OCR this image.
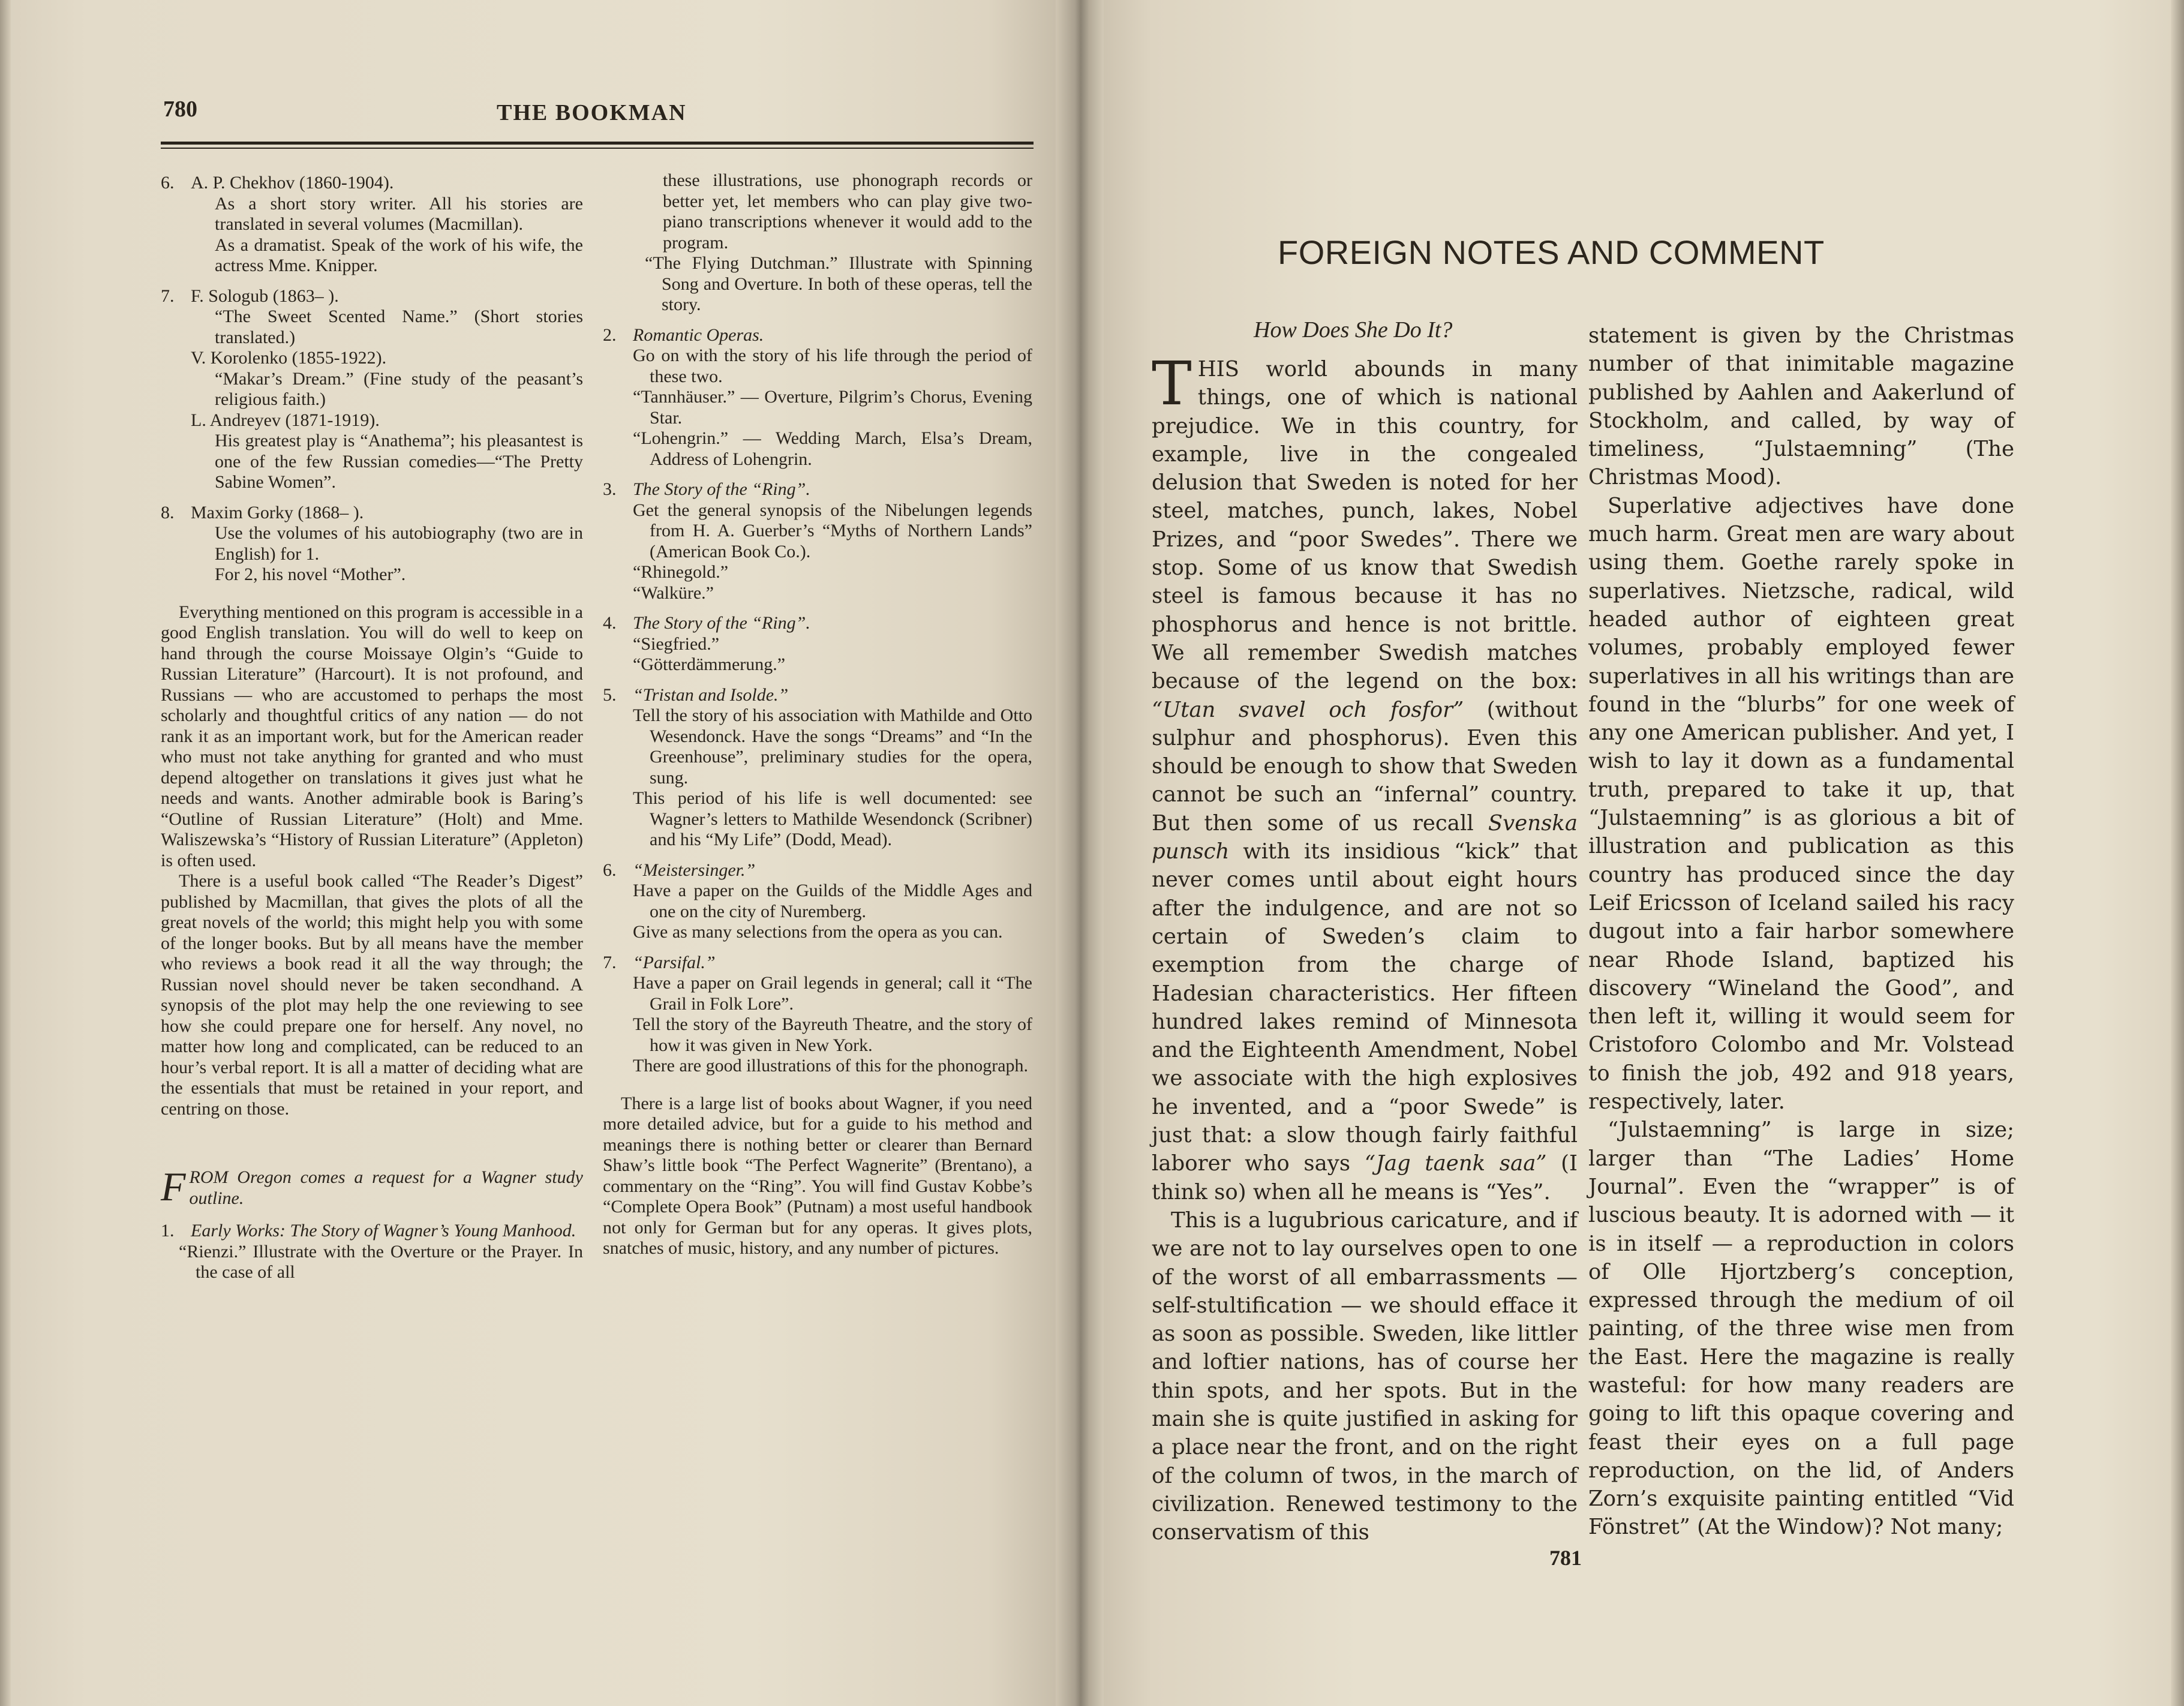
780	THE BOOKMAN
6. A. P. Chekhov (1860-1904).

As a short story writer. All his stories are translated in several volumes (Macmillan).

As a dramatist. Speak of the work of his wife, the actress Mme. Knipper.

7. F. Sologub (1863– ).

“The Sweet Scented Name.” (Short stories translated.)

V. Korolenko (1855-1922).

“Makar’s Dream.” (Fine study of the peasant’s religious faith.)

L. Andreyev (1871-1919).

His greatest play is “Anathema”; his pleasantest is one of the few Russian comedies—“The Pretty Sabine Women”.

8. Maxim Gorky (1868– ).

Use the volumes of his autobiography (two are in English) for 1.

For 2, his novel “Mother”.

Everything mentioned on this program is accessible in a good English translation. You will do well to keep on hand through the course Moissaye Olgin’s “Guide to Russian Literature” (Harcourt). It is not profound, and Russians — who are accustomed to perhaps the most scholarly and thoughtful critics of any nation — do not rank it as an important work, but for the American reader who must not take anything for granted and who must depend altogether on translations it gives just what he needs and wants. Another admirable book is Baring’s “Outline of Russian Literature” (Holt) and Mme. Waliszewska’s “History of Russian Literature” (Appleton) is often used.

There is a useful book called “The Reader’s Digest” published by Macmillan, that gives the plots of all the great novels of the world; this might help you with some of the longer books. But by all means have the member who reviews a book read it all the way through; the Russian novel should never be taken secondhand. A synopsis of the plot may help the one reviewing to see how she could prepare one for herself. Any novel, no matter how long and complicated, can be reduced to an hour’s verbal report. It is all a matter of deciding what are the essentials that must be retained in your report, and centring on those.

F ROM Oregon comes a request for a Wagner study outline.
1. Early Works: The Story of Wagner’s Young Manhood.

“Rienzi.” Illustrate with the Overture or the Prayer. In the case of all

these illustrations, use phonograph records or better yet, let members who can play give two-piano transcriptions whenever it would add to the program.

“The Flying Dutchman.” Illustrate with Spinning Song and Overture. In both of these operas, tell the story.

2. Romantic Operas.

Go on with the story of his life through the period of these two.

“Tannhäuser.” — Overture, Pilgrim’s Chorus, Evening Star.

“Lohengrin.” — Wedding March, Elsa’s Dream, Address of Lohengrin.

3. The Story of the “Ring”.

Get the general synopsis of the Nibelungen legends from H. A. Guerber’s “Myths of Northern Lands” (American Book Co.).

“Rhinegold.”

“Walküre.”

4. The Story of the “Ring”.

“Siegfried.”

“Götterdämmerung.”

5. “Tristan and Isolde.”

Tell the story of his association with Mathilde and Otto Wesendonck. Have the songs “Dreams” and “In the Greenhouse”, preliminary studies for the opera, sung.

This period of his life is well documented: see Wagner’s letters to Mathilde Wesendonck (Scribner) and his “My Life” (Dodd, Mead).

6. “Meistersinger.”

Have a paper on the Guilds of the Middle Ages and one on the city of Nuremberg.

Give as many selections from the opera as you can.

7. “Parsifal.”

Have a paper on Grail legends in general; call it “The Grail in Folk Lore”.

Tell the story of the Bayreuth Theatre, and the story of how it was given in New York.

There are good illustrations of this for the phonograph.

There is a large list of books about Wagner, if you need more detailed advice, but for a guide to his method and meanings there is nothing better or clearer than Bernard Shaw’s little book “The Perfect Wagnerite” (Brentano), a commentary on the “Ring”. You will find Gustav Kobbe’s “Complete Opera Book” (Putnam) a most useful handbook not only for German but for any operas. It gives plots, snatches of music, history, and any number of pictures.

FOREIGN NOTES AND COMMENT
How Does She Do It?

THIS world abounds in many things, one of which is national prejudice. We in this country, for example, live in the congealed delusion that Sweden is noted for her steel, matches, punch, lakes, Nobel Prizes, and “poor Swedes”. There we stop. Some of us know that Swedish steel is famous because it has no phosphorus and hence is not brittle. We all remember Swedish matches because of the legend on the box: “Utan svavel och fosfor” (without sulphur and phosphorus). Even this should be enough to show that Sweden cannot be such an “infernal” country. But then some of us recall Svenska punsch with its insidious “kick” that never comes until about eight hours after the indulgence, and are not so certain of Sweden’s claim to exemption from the charge of Hadesian characteristics. Her fifteen hundred lakes remind of Minnesota and the Eighteenth Amendment, Nobel we associate with the high explosives he invented, and a “poor Swede” is just that: a slow though fairly faithful laborer who says “Jag taenk saa” (I think so) when all he means is “Yes”.

This is a lugubrious caricature, and if we are not to lay ourselves open to one of the worst of all embarrassments — self-stultification — we should efface it as soon as possible. Sweden, like littler and loftier nations, has of course her thin spots, and her spots. But in the main she is quite justified in asking for a place near the front, and on the right of the column of twos, in the march of civilization. Renewed testimony to the conservatism of this

statement is given by the Christmas number of that inimitable magazine published by Aahlen and Aakerlund of Stockholm, and called, by way of timeliness, “Julstaemning” (The Christmas Mood).

Superlative adjectives have done much harm. Great men are wary about using them. Goethe rarely spoke in superlatives. Nietzsche, radical, wild headed author of eighteen great volumes, probably employed fewer superlatives in all his writings than are found in the “blurbs” for one week of any one American publisher. And yet, I wish to lay it down as a fundamental truth, prepared to take it up, that “Julstaemning” is as glorious a bit of illustration and publication as this country has produced since the day Leif Ericsson of Iceland sailed his racy dugout into a fair harbor somewhere near Rhode Island, baptized his discovery “Wineland the Good”, and then left it, willing it would seem for Cristoforo Colombo and Mr. Volstead to finish the job, 492 and 918 years, respectively, later.

“Julstaemning” is large in size; larger than “The Ladies’ Home Journal”. Even the “wrapper” is of luscious beauty. It is adorned with — it is in itself — a reproduction in colors of Olle Hjortzberg’s conception, expressed through the medium of oil painting, of the three wise men from the East. Here the magazine is really wasteful: for how many readers are going to lift this opaque covering and feast their eyes on a full page reproduction, on the lid, of Anders Zorn’s exquisite painting entitled “Vid Fönstret” (At the Window)? Not many;

781
